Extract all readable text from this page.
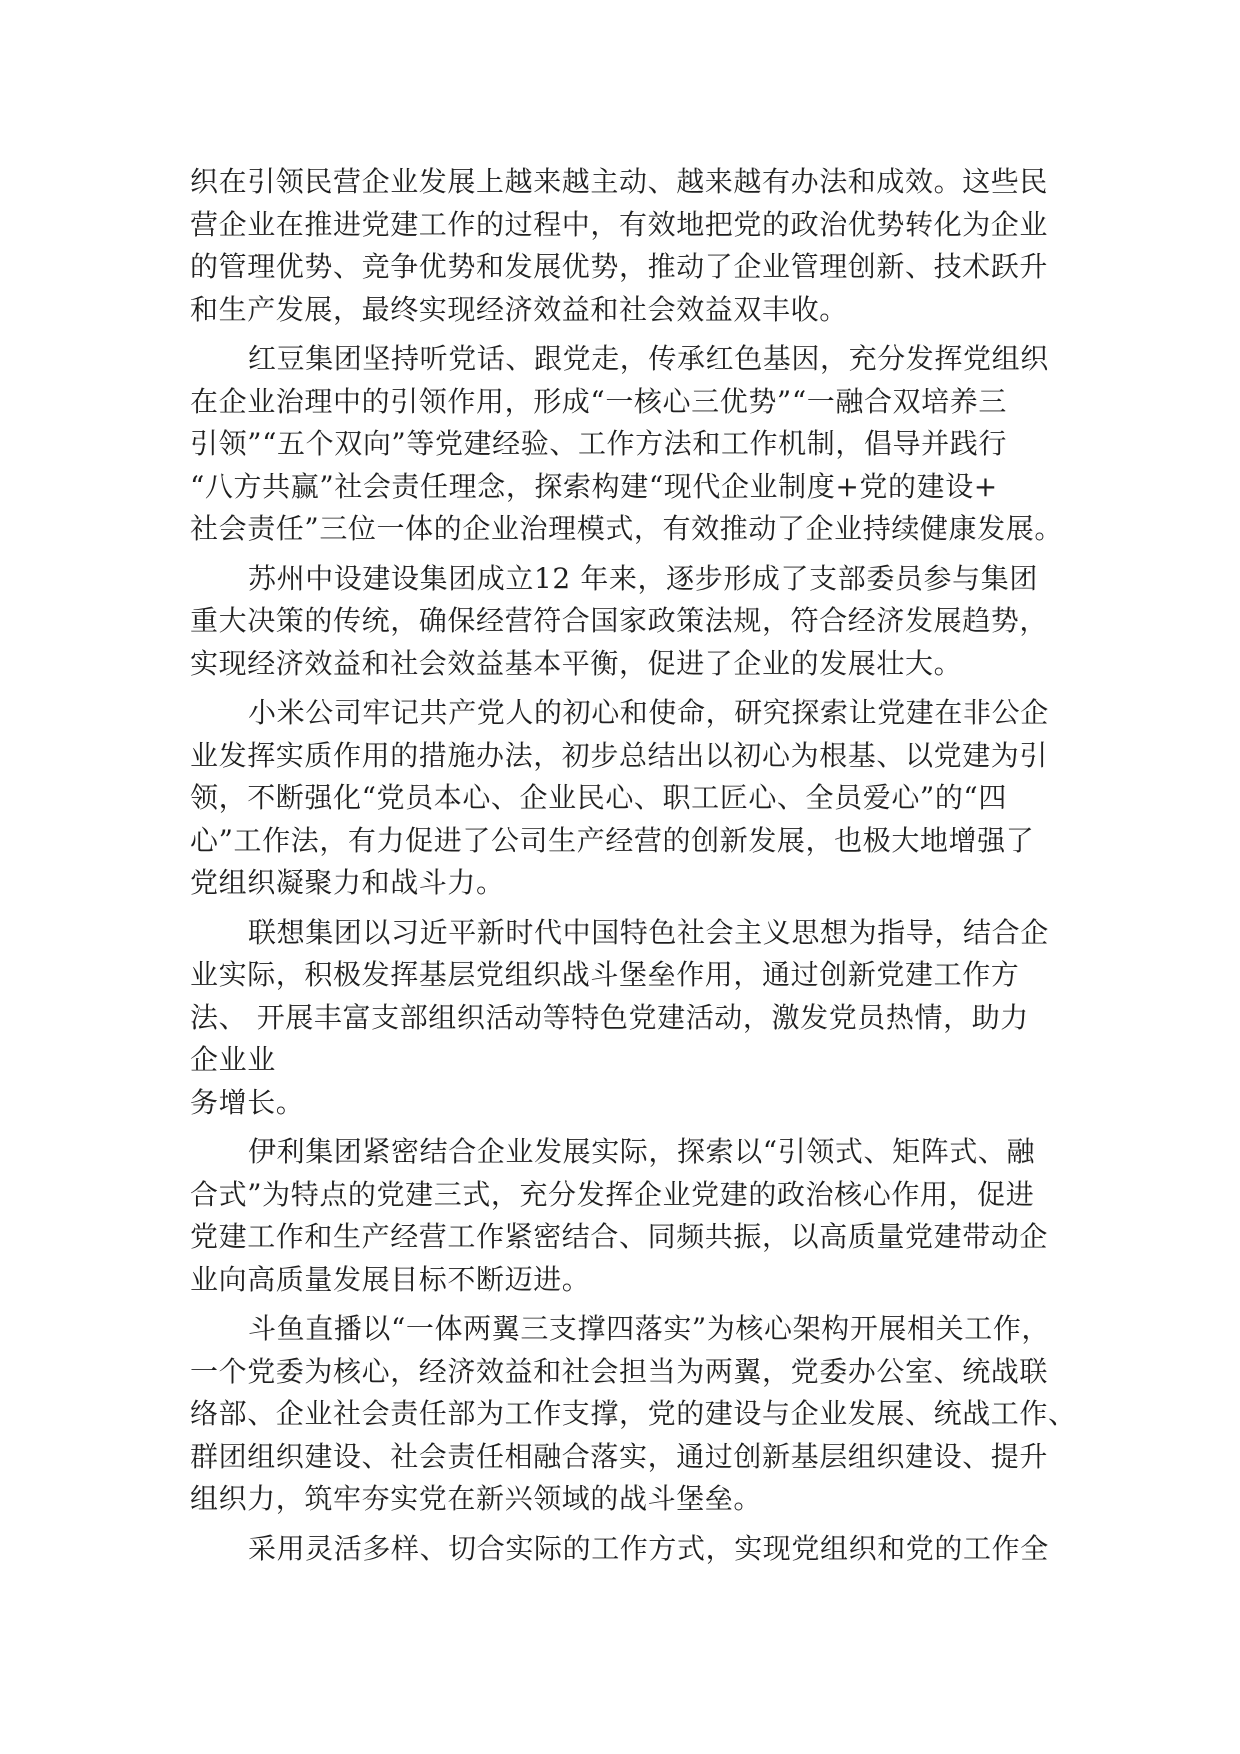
织在引领民营企业发展上越来越主动、越来越有办法和成效。这些民
营企业在推进党建工作的过程中，有效地把党的政治优势转化为企业
的管理优势、竞争优势和发展优势，推动了企业管理创新、技术跃升
和生产发展，最终实现经济效益和社会效益双丰收。
红豆集团坚持听党话、跟党走，传承红色基因，充分发挥党组织
在企业治理中的引领作用，形成“一核心三优势”“一融合双培养三
引领”“五个双向”等党建经验、工作方法和工作机制，倡导并践行
“八方共赢”社会责任理念，探索构建“现代企业制度+党的建设+
社会责任”三位一体的企业治理模式，有效推动了企业持续健康发展。
苏州中设建设集团成立12 年来，逐步形成了支部委员参与集团
重大决策的传统，确保经营符合国家政策法规，符合经济发展趋势，
实现经济效益和社会效益基本平衡，促进了企业的发展壮大。
小米公司牢记共产党人的初心和使命，研究探索让党建在非公企
业发挥实质作用的措施办法，初步总结出以初心为根基、以党建为引
领，不断强化“党员本心、企业民心、职工匠心、全员爱心”的“四
心”工作法，有力促进了公司生产经营的创新发展，也极大地增强了
党组织凝聚力和战斗力。
联想集团以习近平新时代中国特色社会主义思想为指导，结合企
业实际，积极发挥基层党组织战斗堡垒作用，通过创新党建工作方
法、 开展丰富支部组织活动等特色党建活动，激发党员热情，助力
企业业
务增长。
伊利集团紧密结合企业发展实际，探索以“引领式、矩阵式、融
合式”为特点的党建三式，充分发挥企业党建的政治核心作用，促进
党建工作和生产经营工作紧密结合、同频共振，以高质量党建带动企
业向高质量发展目标不断迈进。
斗鱼直播以“一体两翼三支撑四落实”为核心架构开展相关工作，
一个党委为核心，经济效益和社会担当为两翼，党委办公室、统战联
络部、企业社会责任部为工作支撑，党的建设与企业发展、统战工作、
群团组织建设、社会责任相融合落实，通过创新基层组织建设、提升
组织力，筑牢夯实党在新兴领域的战斗堡垒。
采用灵活多样、切合实际的工作方式，实现党组织和党的工作全
